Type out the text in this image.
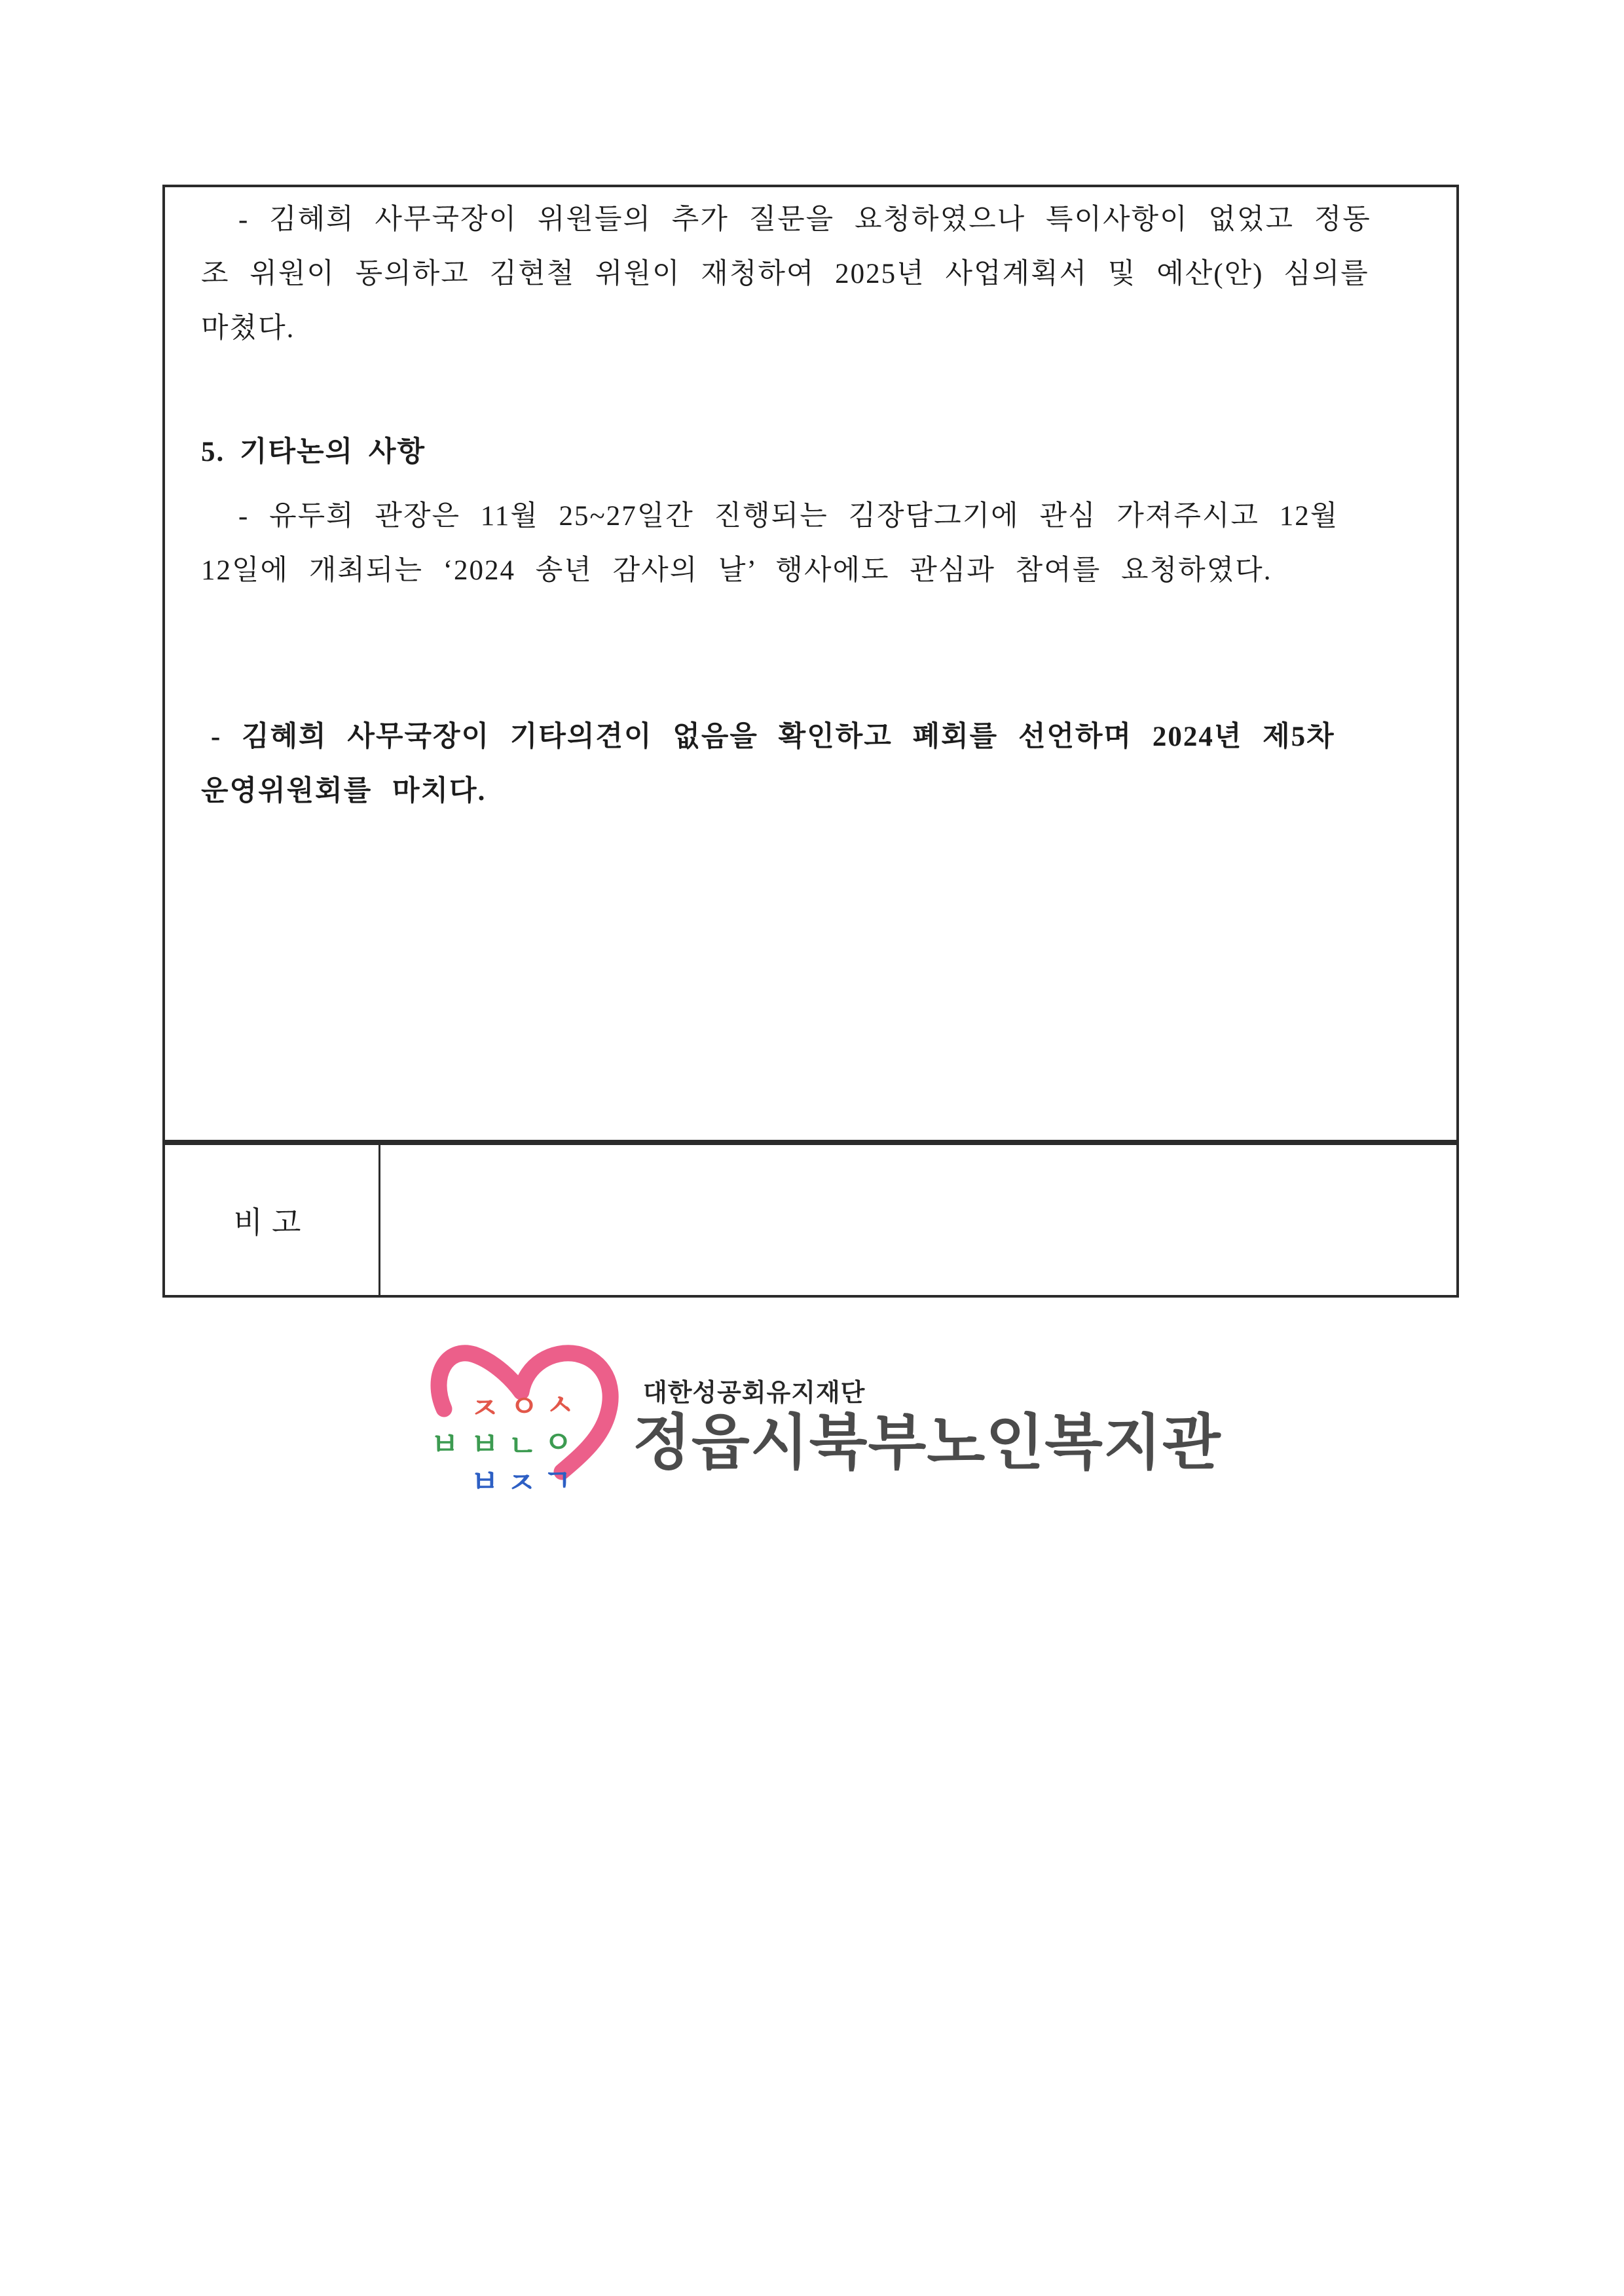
- 김혜희 사무국장이 위원들의 추가 질문을 요청하였으나 특이사항이 없었고 정동
조 위원이 동의하고 김현철 위원이 재청하여 2025년 사업계획서 및 예산(안) 심의를
마쳤다.
5. 기타논의 사항
- 유두희 관장은 11월 25~27일간 진행되는 김장담그기에 관심 가져주시고 12월
12일에 개최되는 ‘2024 송년 감사의 날’ 행사에도 관심과 참여를 요청하였다.
- 김혜희 사무국장이 기타의견이 없음을 확인하고 폐회를 선언하며 2024년 제5차
운영위원회를 마치다.
비고
ㅈ ㅇ ㅅ
ㅂ ㅂ ㄴ ㅇ
ㅂ ㅈ ㄱ
대한성공회유지재단
정읍시북부노인복지관
